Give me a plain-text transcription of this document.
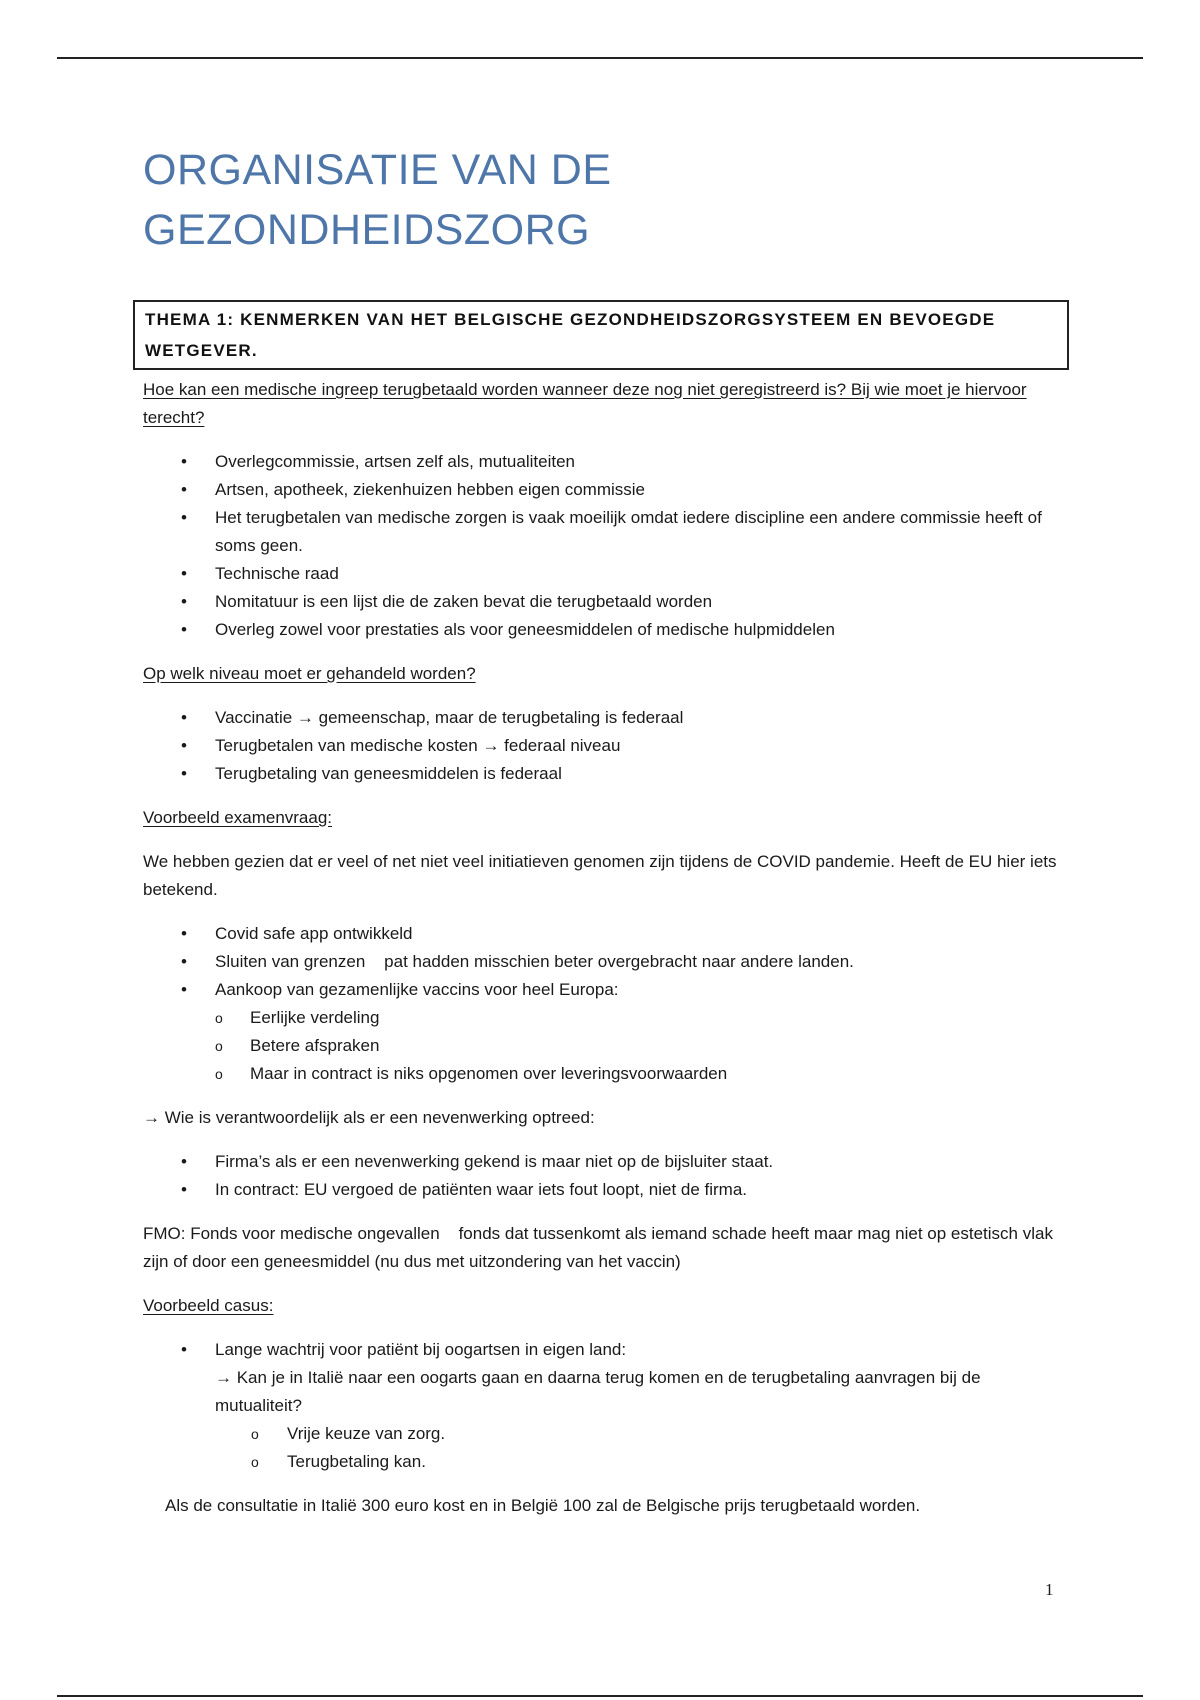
ORGANISATIE VAN DE GEZONDHEIDSZORG
THEMA 1: KENMERKEN VAN HET BELGISCHE GEZONDHEIDSZORGSYSTEEM EN BEVOEGDE WETGEVER.
Hoe kan een medische ingreep terugbetaald worden wanneer deze nog niet geregistreerd is? Bij wie moet je hiervoor terecht?
• Overlegcommissie, artsen zelf als, mutualiteiten
• Artsen, apotheek, ziekenhuizen hebben eigen commissie
• Het terugbetalen van medische zorgen is vaak moeilijk omdat iedere discipline een andere commissie heeft of soms geen.
• Technische raad
• Nomitatuur is een lijst die de zaken bevat die terugbetaald worden
• Overleg zowel voor prestaties als voor geneesmiddelen of medische hulpmiddelen
Op welk niveau moet er gehandeld worden?
• Vaccinatie → gemeenschap, maar de terugbetaling is federaal
• Terugbetalen van medische kosten → federaal niveau
• Terugbetaling van geneesmiddelen is federaal
Voorbeeld examenvraag:

We hebben gezien dat er veel of net niet veel initiatieven genomen zijn tijdens de COVID pandemie. Heeft de EU hier iets betekend.

• Covid safe app ontwikkeld
• Sluiten van grenzen    pat hadden misschien beter overgebracht naar andere landen.
• Aankoop van gezamenlijke vaccins voor heel Europa:
o Eerlijke verdeling
o Betere afspraken
o Maar in contract is niks opgenomen over leveringsvoorwaarden

→ Wie is verantwoordelijk als er een nevenwerking optreed:

• Firma’s als er een nevenwerking gekend is maar niet op de bijsluiter staat.
• In contract: EU vergoed de patiënten waar iets fout loopt, niet de firma.

FMO: Fonds voor medische ongevallen    fonds dat tussenkomt als iemand schade heeft maar mag niet op estetisch vlak zijn of door een geneesmiddel (nu dus met uitzondering van het vaccin)

Voorbeeld casus:
• Lange wachtrij voor patiënt bij oogartsen in eigen land:
→ Kan je in Italië naar een oogarts gaan en daarna terug komen en de terugbetaling aanvragen bij de mutualiteit?
o Vrije keuze van zorg.
o Terugbetaling kan.

Als de consultatie in Italië 300 euro kost en in België 100 zal de Belgische prijs terugbetaald worden.

1
